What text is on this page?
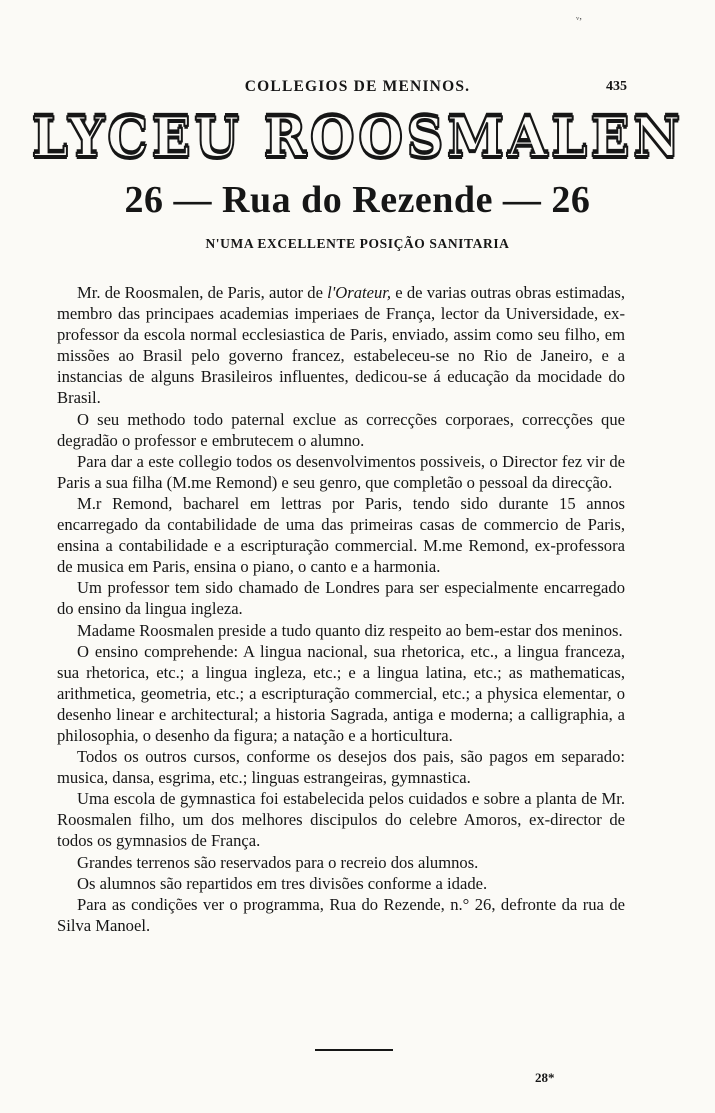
ᵥ,
COLLEGIOS DE MENINOS.	435
LYCEU ROOSMALEN
26 — Rua do Rezende — 26
N'UMA EXCELLENTE POSIÇÃO SANITARIA

Mr. de Roosmalen, de Paris, autor de l'Orateur, e de varias outras obras estimadas, membro das principaes academias imperiaes de França, lector da Universidade, ex-professor da escola normal ecclesiastica de Paris, enviado, assim como seu filho, em missões ao Brasil pelo governo francez, estabeleceu-se no Rio de Janeiro, e a instancias de alguns Brasileiros influentes, dedicou-se á educação da mocidade do Brasil.

O seu methodo todo paternal exclue as correcções corporaes, correcções que degradão o professor e embrutecem o alumno.

Para dar a este collegio todos os desenvolvimentos possiveis, o Director fez vir de Paris a sua filha (M.me Remond) e seu genro, que completão o pessoal da direcção.

M.r Remond, bacharel em lettras por Paris, tendo sido durante 15 annos encarregado da contabilidade de uma das primeiras casas de commercio de Paris, ensina a contabilidade e a escripturação commercial. M.me Remond, ex-professora de musica em Paris, ensina o piano, o canto e a harmonia.

Um professor tem sido chamado de Londres para ser especialmente encarregado do ensino da lingua ingleza.

Madame Roosmalen preside a tudo quanto diz respeito ao bem-estar dos meninos.

O ensino comprehende: A lingua nacional, sua rhetorica, etc., a lingua franceza, sua rhetorica, etc.; a lingua ingleza, etc.; e a lingua latina, etc.; as mathematicas, arithmetica, geometria, etc.; a escripturação commercial, etc.; a physica elementar, o desenho linear e architectural; a historia Sagrada, antiga e moderna; a calligraphia, a philosophia, o desenho da figura; a natação e a horticultura.

Todos os outros cursos, conforme os desejos dos pais, são pagos em separado: musica, dansa, esgrima, etc.; linguas estrangeiras, gymnastica.

Uma escola de gymnastica foi estabelecida pelos cuidados e sobre a planta de Mr. Roosmalen filho, um dos melhores discipulos do celebre Amoros, ex-director de todos os gymnasios de França.

Grandes terrenos são reservados para o recreio dos alumnos.

Os alumnos são repartidos em tres divisões conforme a idade.

Para as condições ver o programma, Rua do Rezende, n.° 26, defronte da rua de Silva Manoel.

28*
